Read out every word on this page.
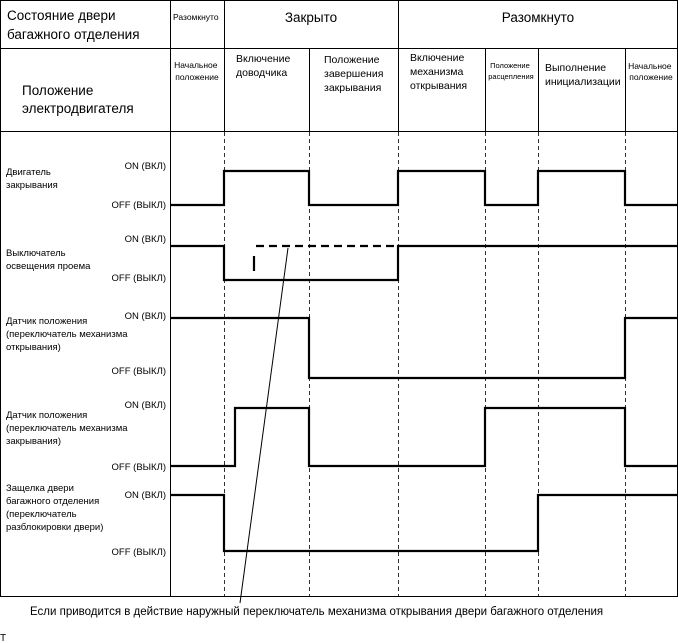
Состояние двери багажного отделения
Положение электродвигателя
Разомкнуто	Закрыто	Разомкнуто
Начальное положение
Включение доводчика
Положение завершения закрывания
Включение механизма открывания
Положение расцепления
Выполнение инициализации
Начальное положение
Двигатель закрывания
ON (ВКЛ)
OFF (ВЫКЛ)
Выключатель освещения проема
ON (ВКЛ)
OFF (ВЫКЛ)
Датчик положения (переключатель механизма открывания)
ON (ВКЛ)
OFF (ВЫКЛ)
Датчик положения (переключатель механизма закрывания)
ON (ВКЛ)
OFF (ВЫКЛ)
Защелка двери багажного отделения (переключатель разблокировки двери)
ON (ВКЛ)
OFF (ВЫКЛ)
Если приводится в действие наружный переключатель механизма открывания двери багажного отделения
T
